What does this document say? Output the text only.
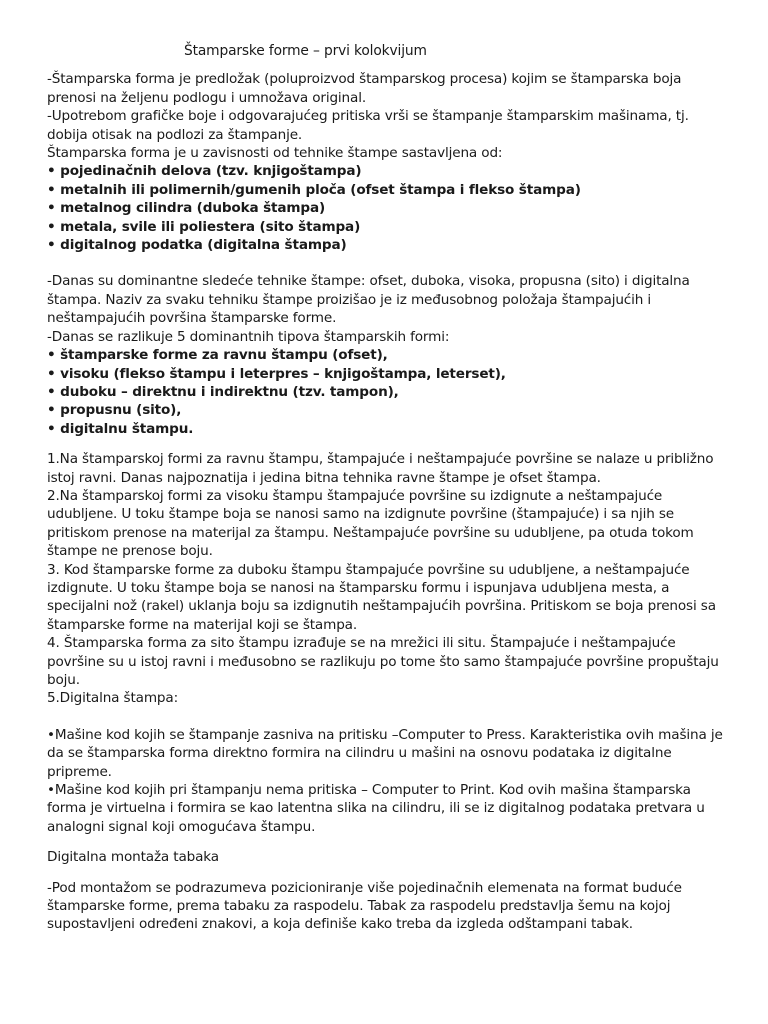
Štamparske forme – prvi kolokvijum

-Štamparska forma je predložak (poluproizvod štamparskog procesa) kojim se štamparska boja prenosi na željenu podlogu i umnožava original.

-Upotrebom grafičke boje i odgovarajućeg pritiska vrši se štampanje štamparskim mašinama, tj. dobija otisak na podlozi za štampanje.

Štamparska forma je u zavisnosti od tehnike štampe sastavljena od:

• pojedinačnih delova (tzv. knjigoštampa)
• metalnih ili polimernih/gumenih ploča (ofset štampa i flekso štampa)
• metalnog cilindra (duboka štampa)
• metala, svile ili poliestera (sito štampa)
• digitalnog podatka (digitalna štampa)

-Danas su dominantne sledeće tehnike štampe: ofset, duboka, visoka, propusna (sito) i digitalna štampa. Naziv za svaku tehniku štampe proizišao je iz međusobnog položaja štampajućih i neštampajućih površina štamparske forme.

-Danas se razlikuje 5 dominantnih tipova štamparskih formi:

• štamparske forme za ravnu štampu (ofset),
• visoku (flekso štampu i leterpres – knjigoštampa, leterset),
• duboku – direktnu i indirektnu (tzv. tampon),
• propusnu (sito),
• digitalnu štampu.

1.Na štamparskoj formi za ravnu štampu, štampajuće i neštampajuće površine se nalaze u približno istoj ravni. Danas najpoznatija i jedina bitna tehnika ravne štampe je ofset štampa.

2.Na štamparskoj formi za visoku štampu štampajuće površine su izdignute a neštampajuće udubljene. U toku štampe boja se nanosi samo na izdignute površine (štampajuće) i sa njih se pritiskom prenose na materijal za štampu. Neštampajuće površine su udubljene, pa otuda tokom štampe ne prenose boju.

3. Kod štamparske forme za duboku štampu štampajuće površine su udubljene, a neštampajuće izdignute. U toku štampe boja se nanosi na štamparsku formu i ispunjava udubljena mesta, a specijalni nož (rakel) uklanja boju sa izdignutih neštampajućih površina. Pritiskom se boja prenosi sa štamparske forme na materijal koji se štampa.

4. Štamparska forma za sito štampu izrađuje se na mrežici ili situ. Štampajuće i neštampajuće površine su u istoj ravni i međusobno se razlikuju po tome što samo štampajuće površine propuštaju boju.

5.Digitalna štampa:

•Mašine kod kojih se štampanje zasniva na pritisku –Computer to Press. Karakteristika ovih mašina je da se štamparska forma direktno formira na cilindru u mašini na osnovu podataka iz digitalne pripreme.

•Mašine kod kojih pri štampanju nema pritiska – Computer to Print. Kod ovih mašina štamparska forma je virtuelna i formira se kao latentna slika na cilindru, ili se iz digitalnog podataka pretvara u analogni signal koji omogućava štampu.

Digitalna montaža tabaka

-Pod montažom se podrazumeva pozicioniranje više pojedinačnih elemenata na format buduće štamparske forme, prema tabaku za raspodelu. Tabak za raspodelu predstavlja šemu na kojoj supostavljeni određeni znakovi, a koja definiše kako treba da izgleda odštampani tabak.
